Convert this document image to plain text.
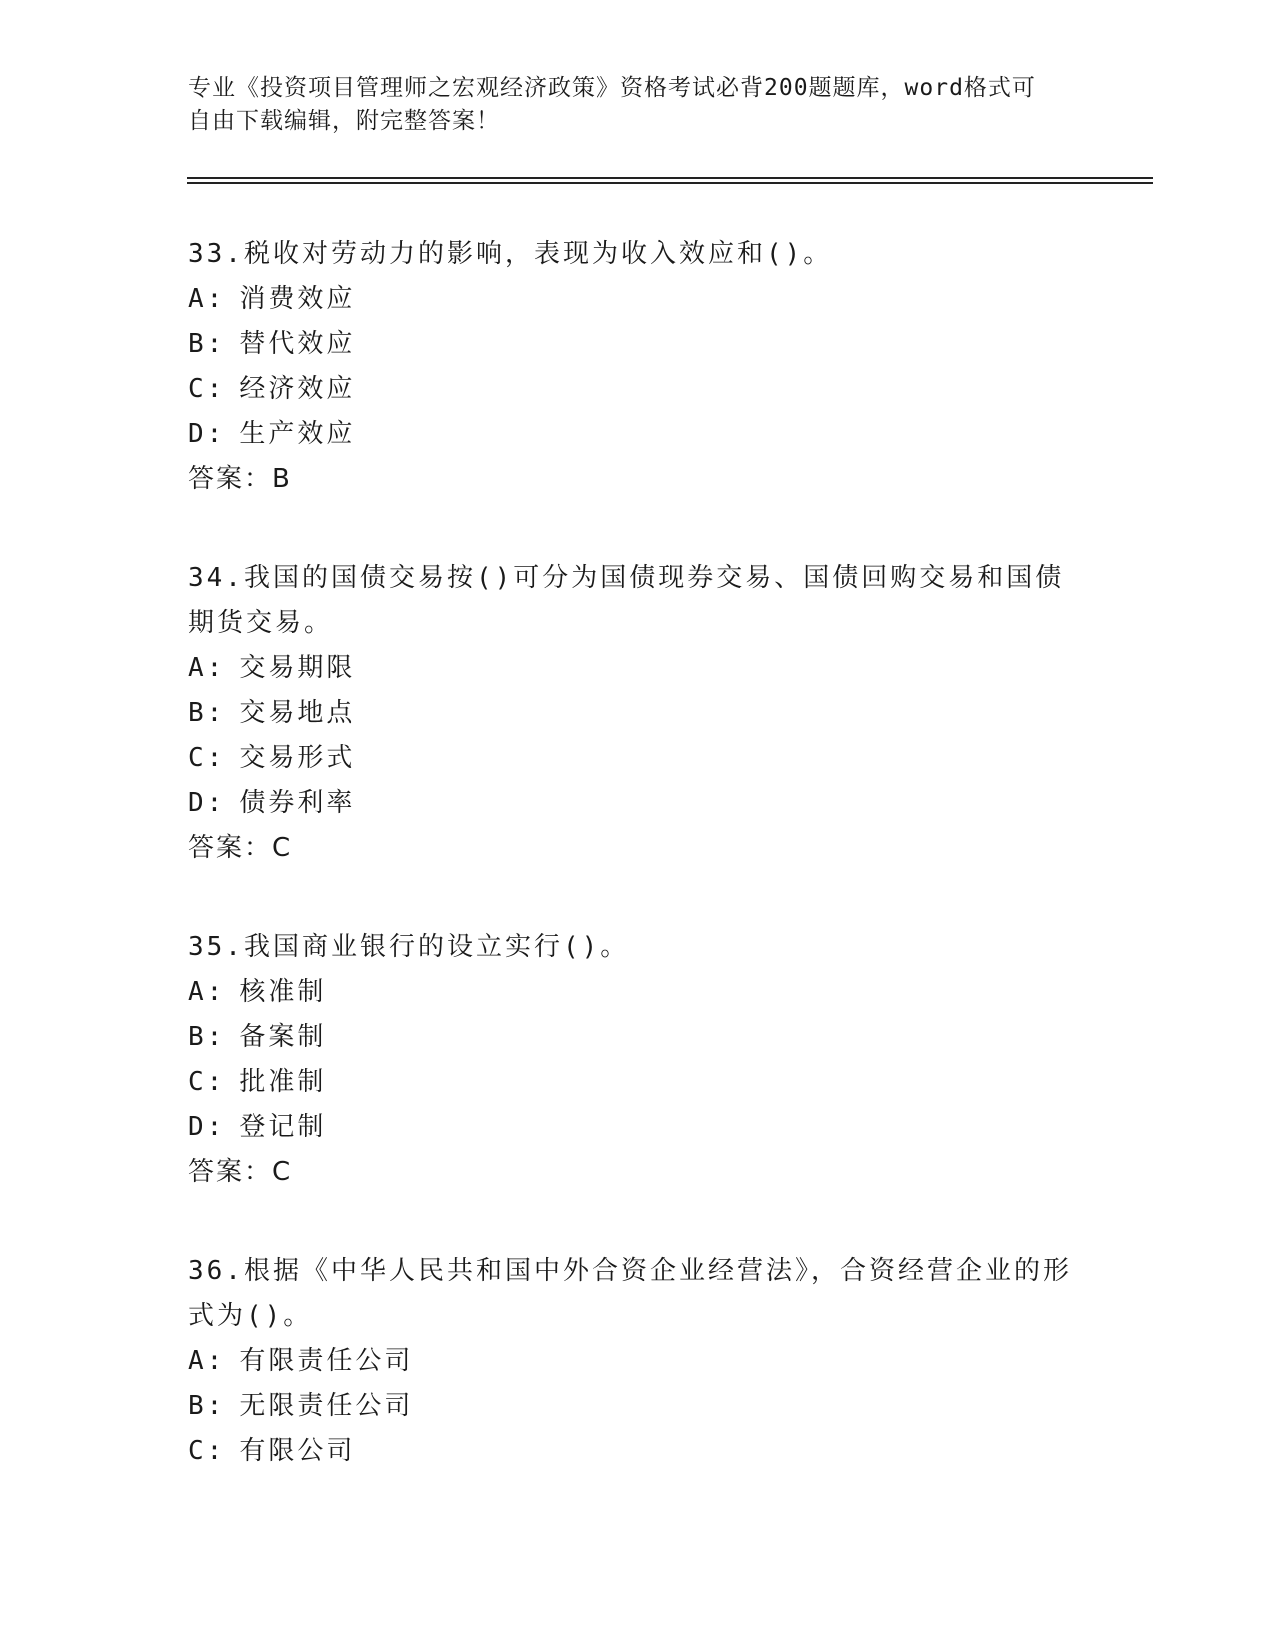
专业《投资项目管理师之宏观经济政策》资格考试必背200题题库，word格式可
自由下载编辑，附完整答案！

33.税收对劳动力的影响，表现为收入效应和()。

A: 消费效应

B: 替代效应

C: 经济效应

D: 生产效应

答案：B

34.我国的国债交易按()可分为国债现券交易、国债回购交易和国债期货交易。

A: 交易期限

B: 交易地点

C: 交易形式

D: 债券利率

答案：C

35.我国商业银行的设立实行()。

A: 核准制

B: 备案制

C: 批准制

D: 登记制

答案：C

36.根据《中华人民共和国中外合资企业经营法》，合资经营企业的形式为()。

A: 有限责任公司

B: 无限责任公司

C: 有限公司
